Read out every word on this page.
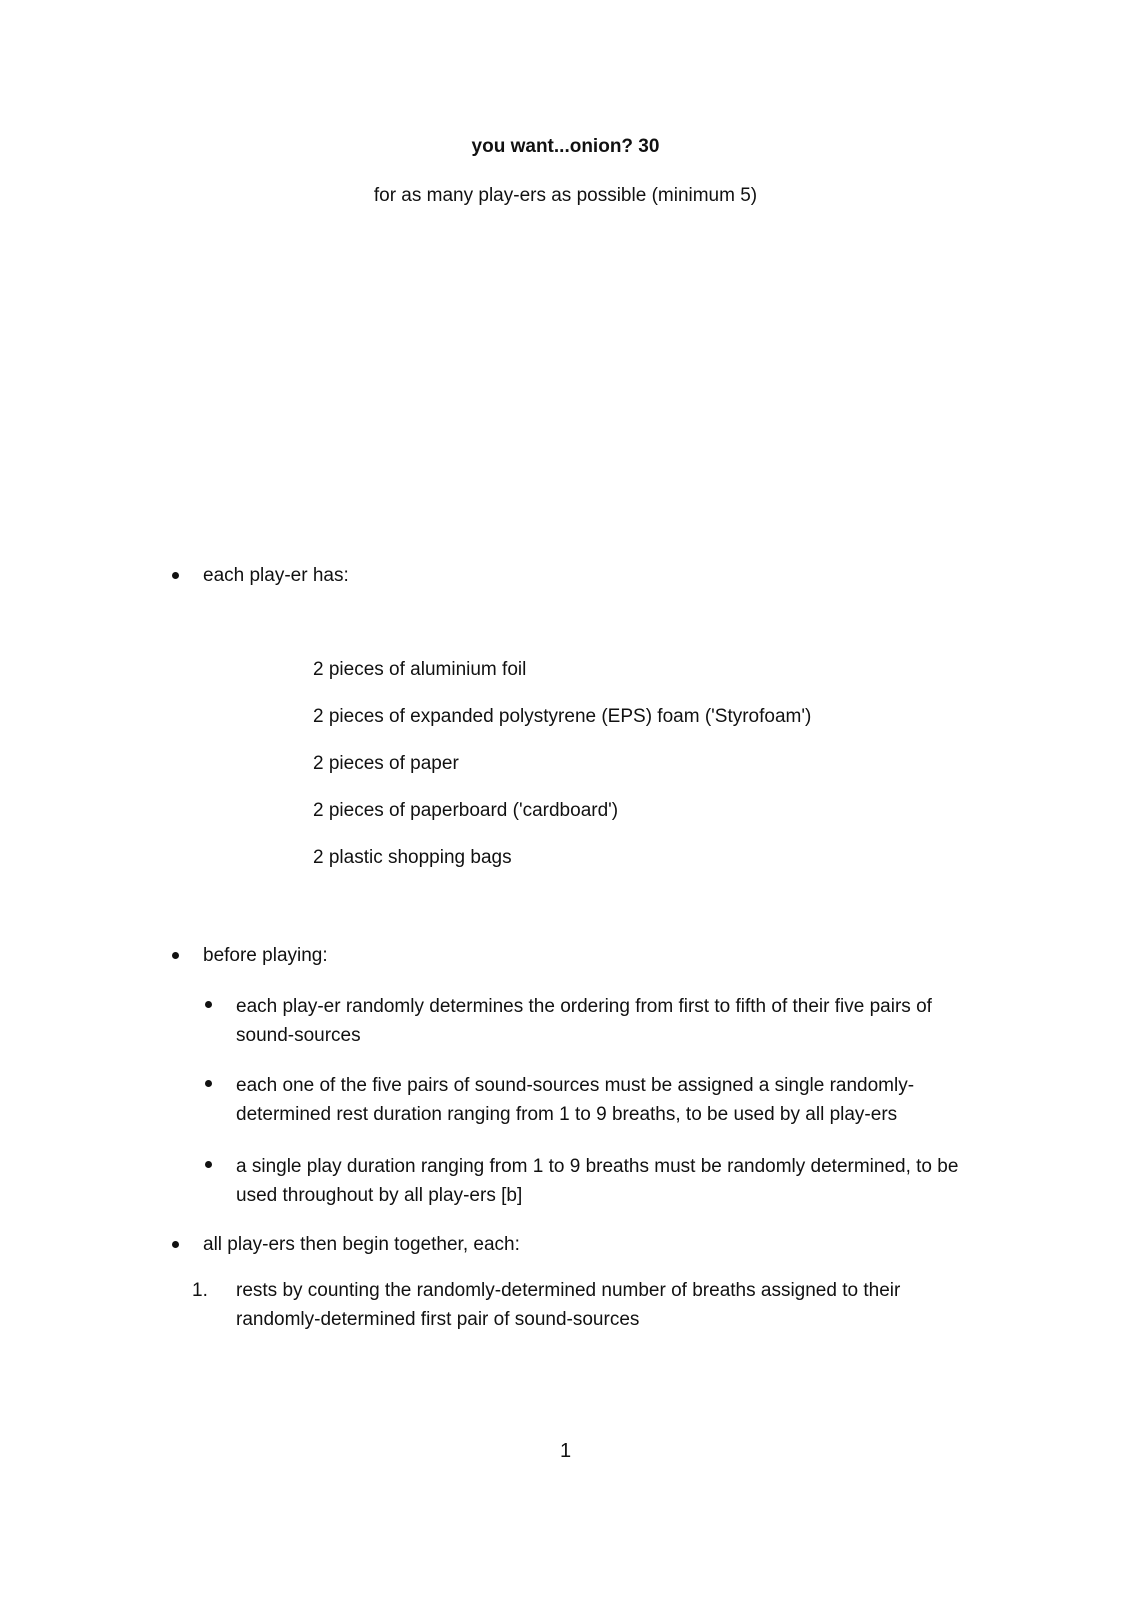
you want...onion? 30
for as many play-ers as possible (minimum 5)
each play-er has:
2 pieces of aluminium foil
2 pieces of expanded polystyrene (EPS) foam ('Styrofoam')
2 pieces of paper
2 pieces of paperboard ('cardboard')
2 plastic shopping bags
before playing:
each play-er randomly determines the ordering from first to fifth of their five pairs of sound-sources
each one of the five pairs of sound-sources must be assigned a single randomly-determined rest duration ranging from 1 to 9 breaths, to be used by all play-ers
a single play duration ranging from 1 to 9 breaths must be randomly determined, to be used throughout by all play-ers [b]
all play-ers then begin together, each:
1. rests by counting the randomly-determined number of breaths assigned to their randomly-determined first pair of sound-sources
1
